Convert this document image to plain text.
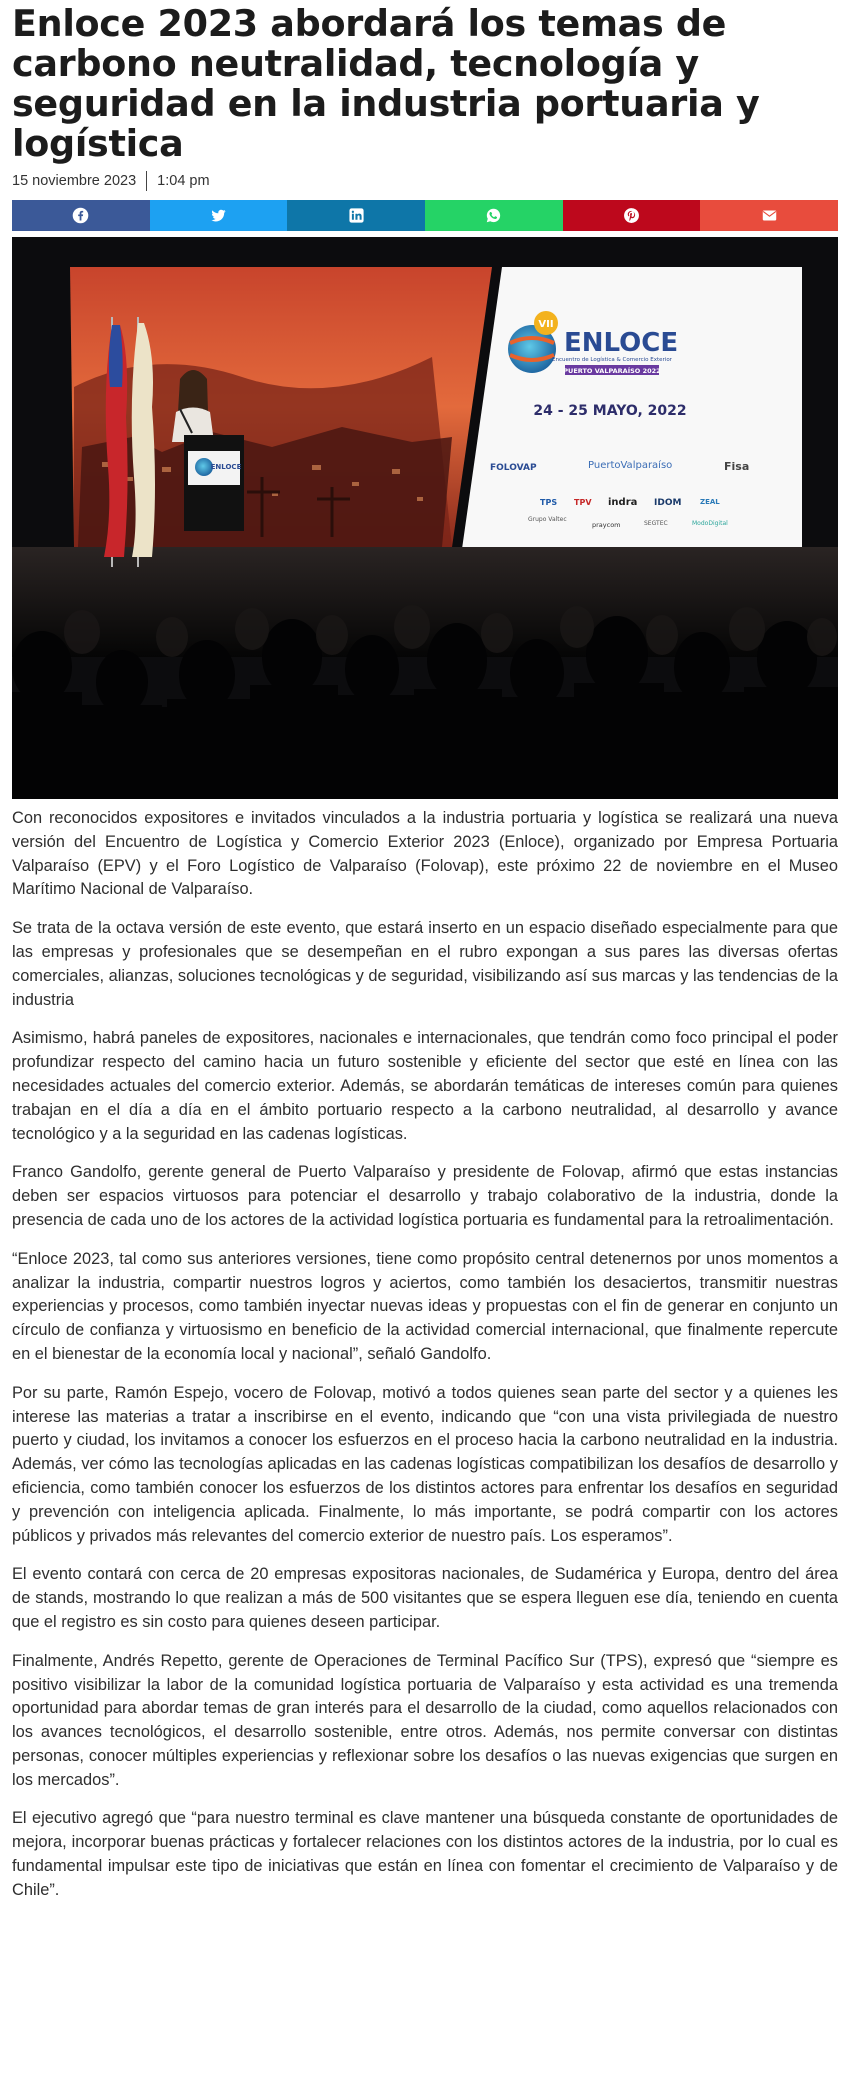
Enloce 2023 abordará los temas de carbono neutralidad, tecnología y seguridad en la industria portuaria y logística
15 noviembre 2023 1:04 pm
VII
ENLOCE
Encuentro de Logística & Comercio Exterior
PUERTO VALPARAÍSO 2022
24 - 25 MAYO, 2022
FOLOVAP	PuertoValparaíso	Fisa
TPS TPV indra IDOM	ZEAL
Grupo Valtec
praycom	SEGTEC	ModoDigital
ENLOCE

Con reconocidos expositores e invitados vinculados a la industria portuaria y logística se realizará una nueva versión del Encuentro de Logística y Comercio Exterior 2023 (Enloce), organizado por Empresa Portuaria Valparaíso (EPV) y el Foro Logístico de Valparaíso (Folovap), este próximo 22 de noviembre en el Museo Marítimo Nacional de Valparaíso.

Se trata de la octava versión de este evento, que estará inserto en un espacio diseñado especialmente para que las empresas y profesionales que se desempeñan en el rubro expongan a sus pares las diversas ofertas comerciales, alianzas, soluciones tecnológicas y de seguridad, visibilizando así sus marcas y las tendencias de la industria

Asimismo, habrá paneles de expositores, nacionales e internacionales, que tendrán como foco principal el poder profundizar respecto del camino hacia un futuro sostenible y eficiente del sector que esté en línea con las necesidades actuales del comercio exterior. Además, se abordarán temáticas de intereses común para quienes trabajan en el día a día en el ámbito portuario respecto a la carbono neutralidad, al desarrollo y avance tecnológico y a la seguridad en las cadenas logísticas.

Franco Gandolfo, gerente general de Puerto Valparaíso y presidente de Folovap, afirmó que estas instancias deben ser espacios virtuosos para potenciar el desarrollo y trabajo colaborativo de la industria, donde la presencia de cada uno de los actores de la actividad logística portuaria es fundamental para la retroalimentación.

“Enloce 2023, tal como sus anteriores versiones, tiene como propósito central detenernos por unos momentos a analizar la industria, compartir nuestros logros y aciertos, como también los desaciertos, transmitir nuestras experiencias y procesos, como también inyectar nuevas ideas y propuestas con el fin de generar en conjunto un círculo de confianza y virtuosismo en beneficio de la actividad comercial internacional, que finalmente repercute en el bienestar de la economía local y nacional”, señaló Gandolfo.

Por su parte, Ramón Espejo, vocero de Folovap, motivó a todos quienes sean parte del sector y a quienes les interese las materias a tratar a inscribirse en el evento, indicando que “con una vista privilegiada de nuestro puerto y ciudad, los invitamos a conocer los esfuerzos en el proceso hacia la carbono neutralidad en la industria. Además, ver cómo las tecnologías aplicadas en las cadenas logísticas compatibilizan los desafíos de desarrollo y eficiencia, como también conocer los esfuerzos de los distintos actores para enfrentar los desafíos en seguridad y prevención con inteligencia aplicada. Finalmente, lo más importante, se podrá compartir con los actores públicos y privados más relevantes del comercio exterior de nuestro país. Los esperamos”.

El evento contará con cerca de 20 empresas expositoras nacionales, de Sudamérica y Europa, dentro del área de stands, mostrando lo que realizan a más de 500 visitantes que se espera lleguen ese día, teniendo en cuenta que el registro es sin costo para quienes deseen participar.

Finalmente, Andrés Repetto, gerente de Operaciones de Terminal Pacífico Sur (TPS), expresó que “siempre es positivo visibilizar la labor de la comunidad logística portuaria de Valparaíso y esta actividad es una tremenda oportunidad para abordar temas de gran interés para el desarrollo de la ciudad, como aquellos relacionados con los avances tecnológicos, el desarrollo sostenible, entre otros. Además, nos permite conversar con distintas personas, conocer múltiples experiencias y reflexionar sobre los desafíos o las nuevas exigencias que surgen en los mercados”.

El ejecutivo agregó que “para nuestro terminal es clave mantener una búsqueda constante de oportunidades de mejora, incorporar buenas prácticas y fortalecer relaciones con los distintos actores de la industria, por lo cual es fundamental impulsar este tipo de iniciativas que están en línea con fomentar el crecimiento de Valparaíso y de Chile”.
